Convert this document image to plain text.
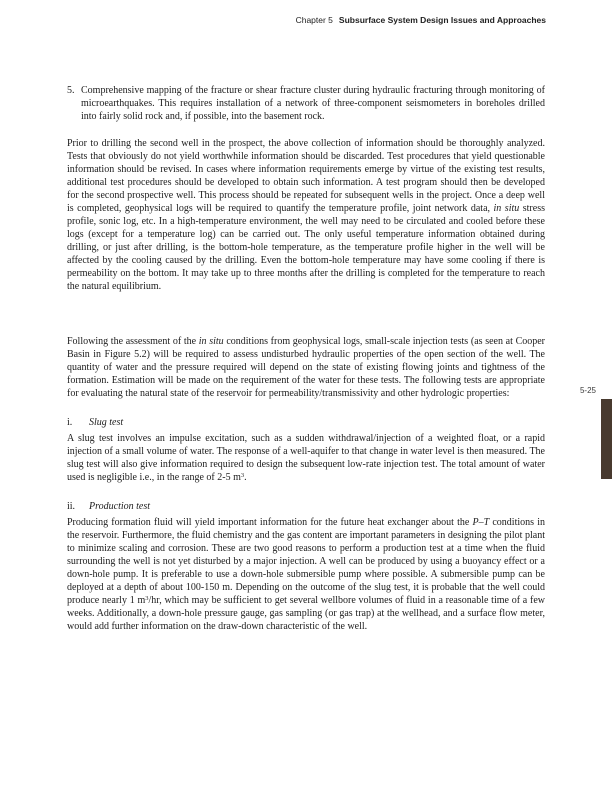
Chapter 5 Subsurface System Design Issues and Approaches
5. Comprehensive mapping of the fracture or shear fracture cluster during hydraulic fracturing through monitoring of microearthquakes. This requires installation of a network of three-component seismometers in boreholes drilled into fairly solid rock and, if possible, into the basement rock.

Prior to drilling the second well in the prospect, the above collection of information should be thoroughly analyzed. Tests that obviously do not yield worthwhile information should be discarded. Test procedures that yield questionable information should be revised. In cases where information requirements emerge by virtue of the existing test results, additional test procedures should be developed to obtain such information. A test program should then be developed for the second prospective well. This process should be repeated for subsequent wells in the project. Once a deep well is completed, geophysical logs will be required to quantify the temperature profile, joint network data, in situ stress profile, sonic log, etc. In a high-temperature environment, the well may need to be circulated and cooled before these logs (except for a temperature log) can be carried out. The only useful temperature information obtained during drilling, or just after drilling, is the bottom-hole temperature, as the temperature profile higher in the well will be affected by the cooling caused by the drilling. Even the bottom-hole temperature may have some cooling if there is permeability on the bottom. It may take up to three months after the drilling is completed for the temperature to reach the natural equilibrium.

Following the assessment of the in situ conditions from geophysical logs, small-scale injection tests (as seen at Cooper Basin in Figure 5.2) will be required to assess undisturbed hydraulic properties of the open section of the well. The quantity of water and the pressure required will depend on the state of existing flowing joints and tightness of the formation. Estimation will be made on the requirement of the water for these tests. The following tests are appropriate for evaluating the natural state of the reservoir for permeability/transmissivity and other hydrologic properties:

i. Slug test

A slug test involves an impulse excitation, such as a sudden withdrawal/injection of a weighted float, or a rapid injection of a small volume of water. The response of a well-aquifer to that change in water level is then measured. The slug test will also give information required to design the subsequent low-rate injection test. The total amount of water used is negligible i.e., in the range of 2-5 $m^3$.

ii. Production test

Producing formation fluid will yield important information for the future heat exchanger about the P–T conditions in the reservoir. Furthermore, the fluid chemistry and the gas content are important parameters in designing the pilot plant to minimize scaling and corrosion. These are two good reasons to perform a production test at a time when the fluid surrounding the well is not yet disturbed by a major injection. A well can be produced by using a buoyancy effect or a down-hole pump. It is preferable to use a down-hole submersible pump where possible. A submersible pump can be deployed at a depth of about 100-150 m. Depending on the outcome of the slug test, it is probable that the well could produce nearly 1 $m^3/hr$, which may be sufficient to get several wellbore volumes of fluid in a reasonable time of a few weeks. Additionally, a down-hole pressure gauge, gas sampling (or gas trap) at the wellhead, and a surface flow meter, would add further information on the draw-down characteristic of the well.

5-25
